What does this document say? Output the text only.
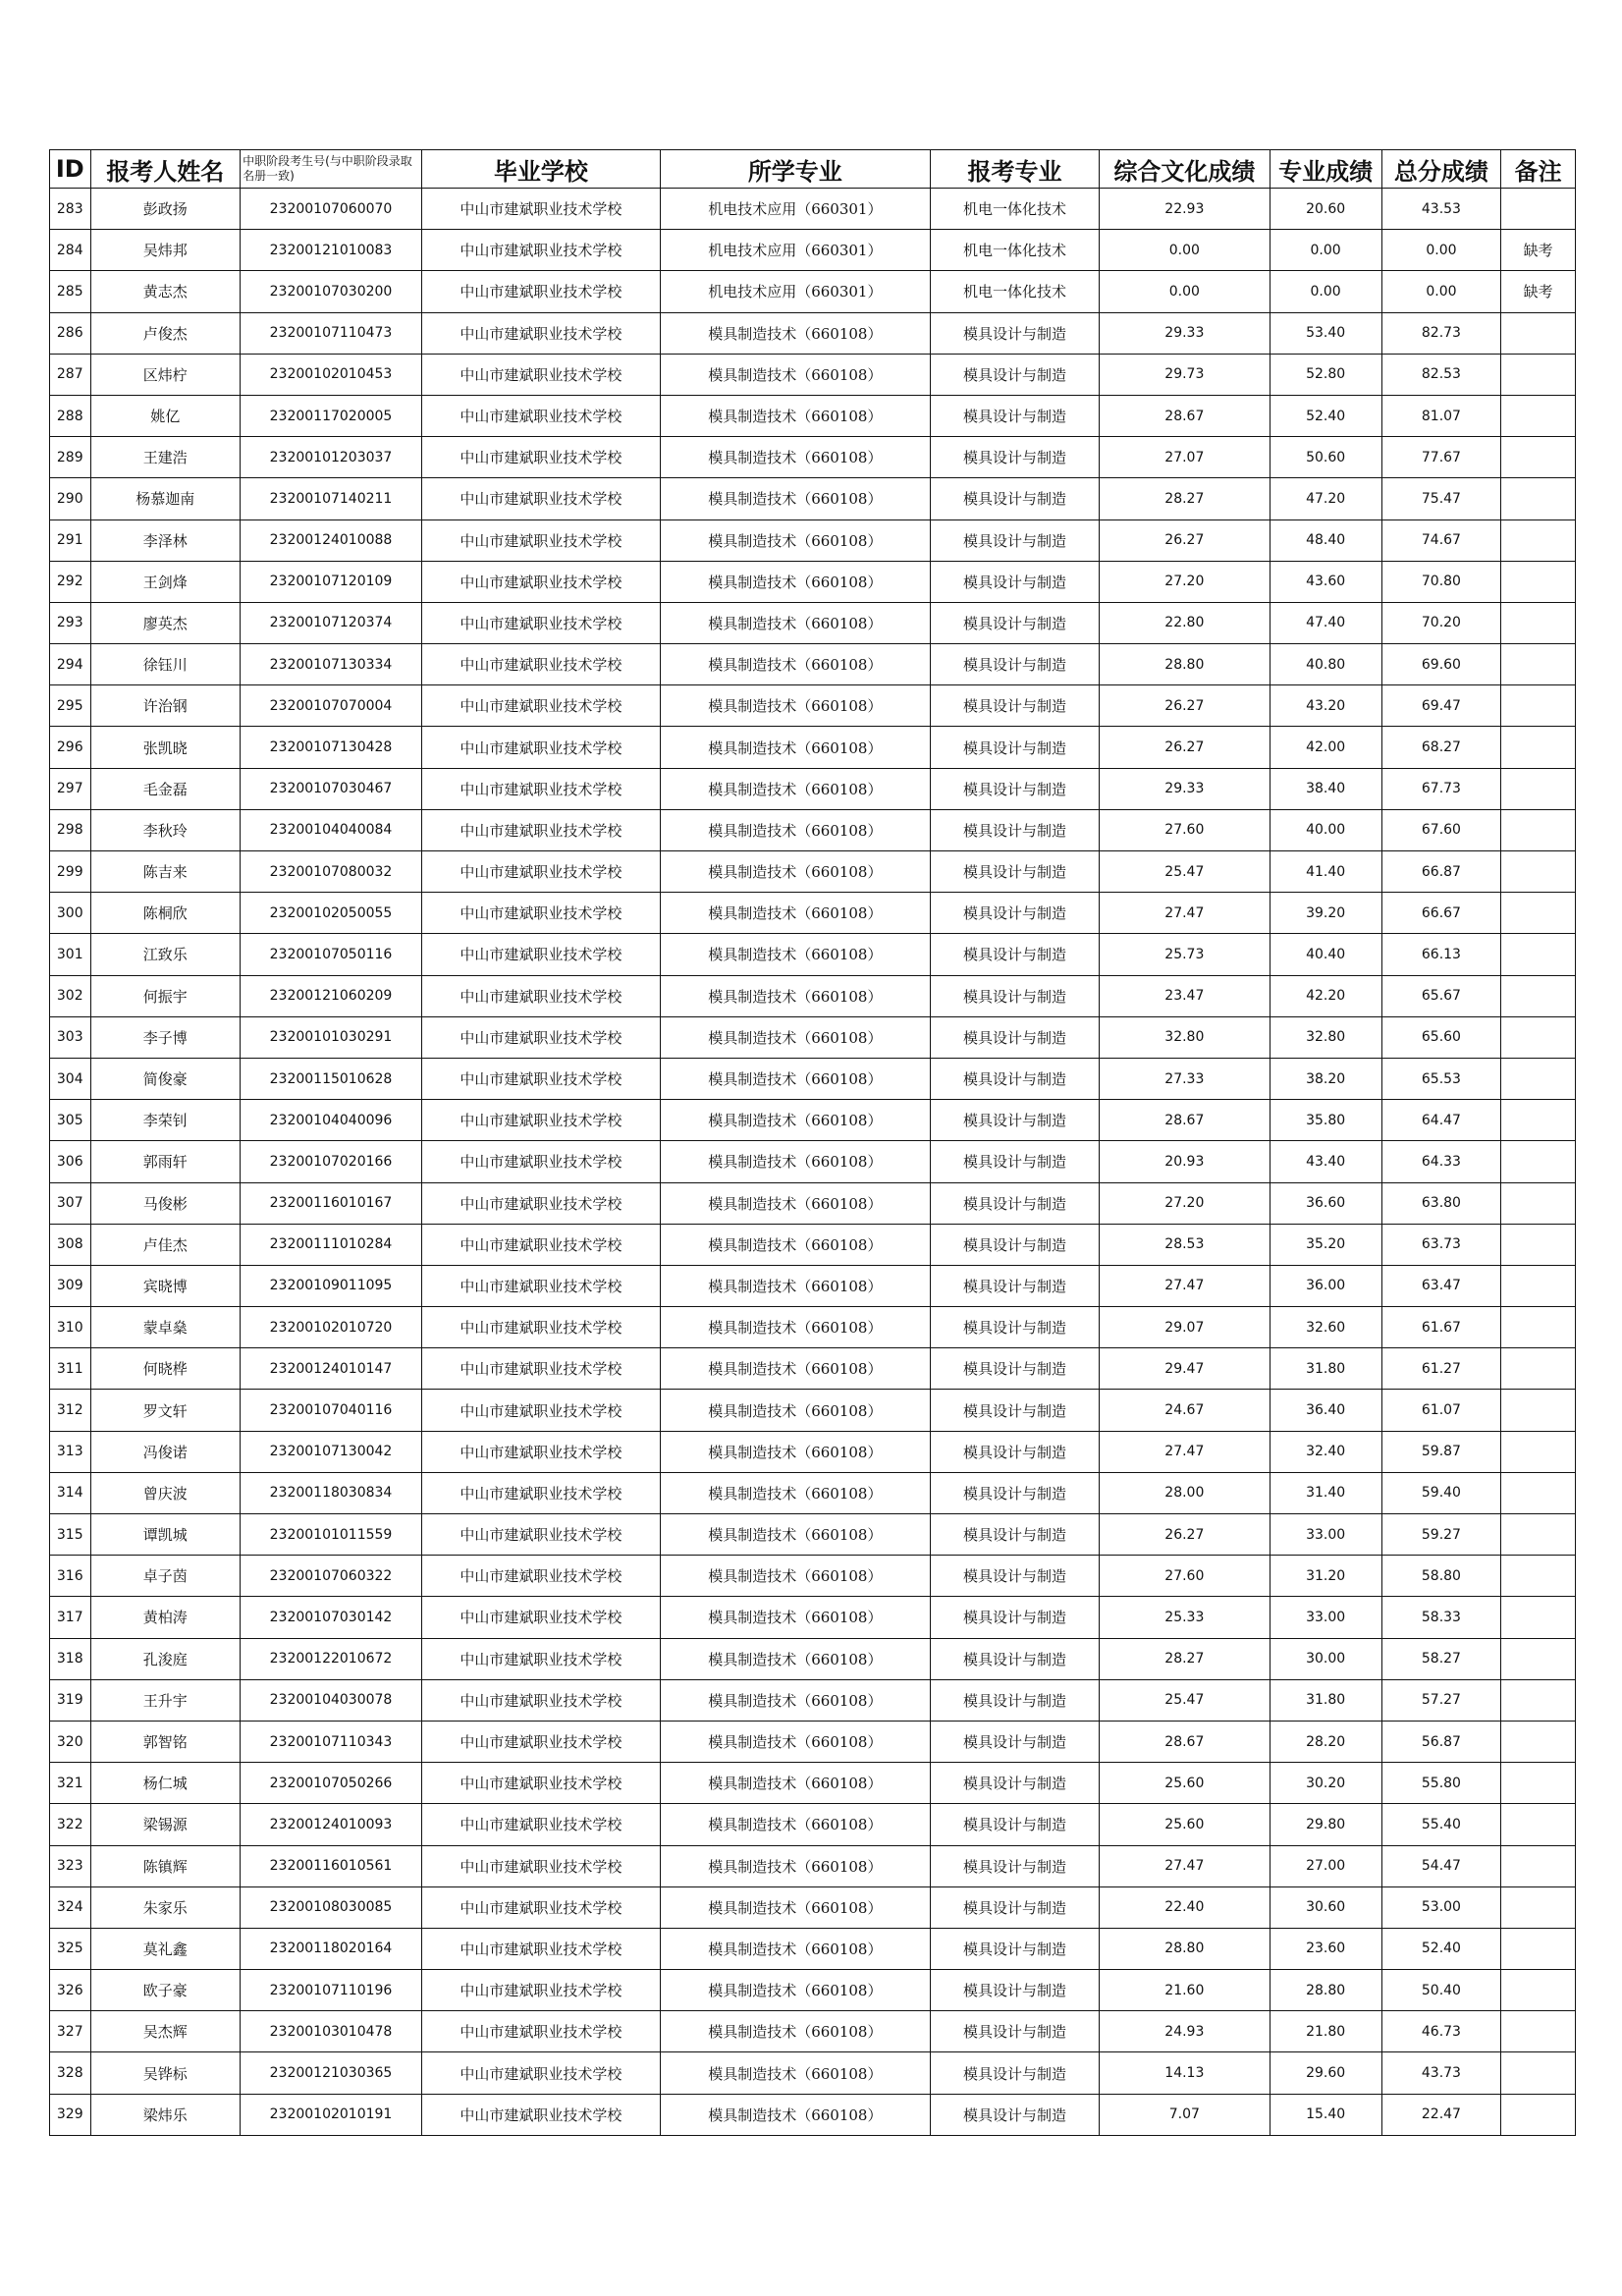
ID	报考人姓名	中职阶段考生号(与中职阶段录取名册一致)	毕业学校	所学专业	报考专业	综合文化成绩	专业成绩	总分成绩	备注
283	彭政扬	23200107060070	中山市建斌职业技术学校	机电技术应用（660301）	机电一体化技术	22.93	20.60	43.53	
284	吴炜邦	23200121010083	中山市建斌职业技术学校	机电技术应用（660301）	机电一体化技术	0.00	0.00	0.00	缺考
285	黄志杰	23200107030200	中山市建斌职业技术学校	机电技术应用（660301）	机电一体化技术	0.00	0.00	0.00	缺考
286	卢俊杰	23200107110473	中山市建斌职业技术学校	模具制造技术（660108）	模具设计与制造	29.33	53.40	82.73	
287	区炜柠	23200102010453	中山市建斌职业技术学校	模具制造技术（660108）	模具设计与制造	29.73	52.80	82.53	
288	姚亿	23200117020005	中山市建斌职业技术学校	模具制造技术（660108）	模具设计与制造	28.67	52.40	81.07	
289	王建浩	23200101203037	中山市建斌职业技术学校	模具制造技术（660108）	模具设计与制造	27.07	50.60	77.67	
290	杨慕迦南	23200107140211	中山市建斌职业技术学校	模具制造技术（660108）	模具设计与制造	28.27	47.20	75.47	
291	李泽林	23200124010088	中山市建斌职业技术学校	模具制造技术（660108）	模具设计与制造	26.27	48.40	74.67	
292	王剑烽	23200107120109	中山市建斌职业技术学校	模具制造技术（660108）	模具设计与制造	27.20	43.60	70.80	
293	廖英杰	23200107120374	中山市建斌职业技术学校	模具制造技术（660108）	模具设计与制造	22.80	47.40	70.20	
294	徐钰川	23200107130334	中山市建斌职业技术学校	模具制造技术（660108）	模具设计与制造	28.80	40.80	69.60	
295	许治钢	23200107070004	中山市建斌职业技术学校	模具制造技术（660108）	模具设计与制造	26.27	43.20	69.47	
296	张凯晓	23200107130428	中山市建斌职业技术学校	模具制造技术（660108）	模具设计与制造	26.27	42.00	68.27	
297	毛金磊	23200107030467	中山市建斌职业技术学校	模具制造技术（660108）	模具设计与制造	29.33	38.40	67.73	
298	李秋玲	23200104040084	中山市建斌职业技术学校	模具制造技术（660108）	模具设计与制造	27.60	40.00	67.60	
299	陈吉来	23200107080032	中山市建斌职业技术学校	模具制造技术（660108）	模具设计与制造	25.47	41.40	66.87	
300	陈桐欣	23200102050055	中山市建斌职业技术学校	模具制造技术（660108）	模具设计与制造	27.47	39.20	66.67	
301	江致乐	23200107050116	中山市建斌职业技术学校	模具制造技术（660108）	模具设计与制造	25.73	40.40	66.13	
302	何振宇	23200121060209	中山市建斌职业技术学校	模具制造技术（660108）	模具设计与制造	23.47	42.20	65.67	
303	李子博	23200101030291	中山市建斌职业技术学校	模具制造技术（660108）	模具设计与制造	32.80	32.80	65.60	
304	简俊豪	23200115010628	中山市建斌职业技术学校	模具制造技术（660108）	模具设计与制造	27.33	38.20	65.53	
305	李荣钊	23200104040096	中山市建斌职业技术学校	模具制造技术（660108）	模具设计与制造	28.67	35.80	64.47	
306	郭雨轩	23200107020166	中山市建斌职业技术学校	模具制造技术（660108）	模具设计与制造	20.93	43.40	64.33	
307	马俊彬	23200116010167	中山市建斌职业技术学校	模具制造技术（660108）	模具设计与制造	27.20	36.60	63.80	
308	卢佳杰	23200111010284	中山市建斌职业技术学校	模具制造技术（660108）	模具设计与制造	28.53	35.20	63.73	
309	宾晓博	23200109011095	中山市建斌职业技术学校	模具制造技术（660108）	模具设计与制造	27.47	36.00	63.47	
310	蒙卓燊	23200102010720	中山市建斌职业技术学校	模具制造技术（660108）	模具设计与制造	29.07	32.60	61.67	
311	何晓桦	23200124010147	中山市建斌职业技术学校	模具制造技术（660108）	模具设计与制造	29.47	31.80	61.27	
312	罗文轩	23200107040116	中山市建斌职业技术学校	模具制造技术（660108）	模具设计与制造	24.67	36.40	61.07	
313	冯俊诺	23200107130042	中山市建斌职业技术学校	模具制造技术（660108）	模具设计与制造	27.47	32.40	59.87	
314	曾庆波	23200118030834	中山市建斌职业技术学校	模具制造技术（660108）	模具设计与制造	28.00	31.40	59.40	
315	谭凯城	23200101011559	中山市建斌职业技术学校	模具制造技术（660108）	模具设计与制造	26.27	33.00	59.27	
316	卓子茵	23200107060322	中山市建斌职业技术学校	模具制造技术（660108）	模具设计与制造	27.60	31.20	58.80	
317	黄柏涛	23200107030142	中山市建斌职业技术学校	模具制造技术（660108）	模具设计与制造	25.33	33.00	58.33	
318	孔浚庭	23200122010672	中山市建斌职业技术学校	模具制造技术（660108）	模具设计与制造	28.27	30.00	58.27	
319	王升宇	23200104030078	中山市建斌职业技术学校	模具制造技术（660108）	模具设计与制造	25.47	31.80	57.27	
320	郭智铭	23200107110343	中山市建斌职业技术学校	模具制造技术（660108）	模具设计与制造	28.67	28.20	56.87	
321	杨仁城	23200107050266	中山市建斌职业技术学校	模具制造技术（660108）	模具设计与制造	25.60	30.20	55.80	
322	梁锡源	23200124010093	中山市建斌职业技术学校	模具制造技术（660108）	模具设计与制造	25.60	29.80	55.40	
323	陈镇辉	23200116010561	中山市建斌职业技术学校	模具制造技术（660108）	模具设计与制造	27.47	27.00	54.47	
324	朱家乐	23200108030085	中山市建斌职业技术学校	模具制造技术（660108）	模具设计与制造	22.40	30.60	53.00	
325	莫礼鑫	23200118020164	中山市建斌职业技术学校	模具制造技术（660108）	模具设计与制造	28.80	23.60	52.40	
326	欧子豪	23200107110196	中山市建斌职业技术学校	模具制造技术（660108）	模具设计与制造	21.60	28.80	50.40	
327	吴杰辉	23200103010478	中山市建斌职业技术学校	模具制造技术（660108）	模具设计与制造	24.93	21.80	46.73	
328	吴铧标	23200121030365	中山市建斌职业技术学校	模具制造技术（660108）	模具设计与制造	14.13	29.60	43.73	
329	梁炜乐	23200102010191	中山市建斌职业技术学校	模具制造技术（660108）	模具设计与制造	7.07	15.40	22.47	
